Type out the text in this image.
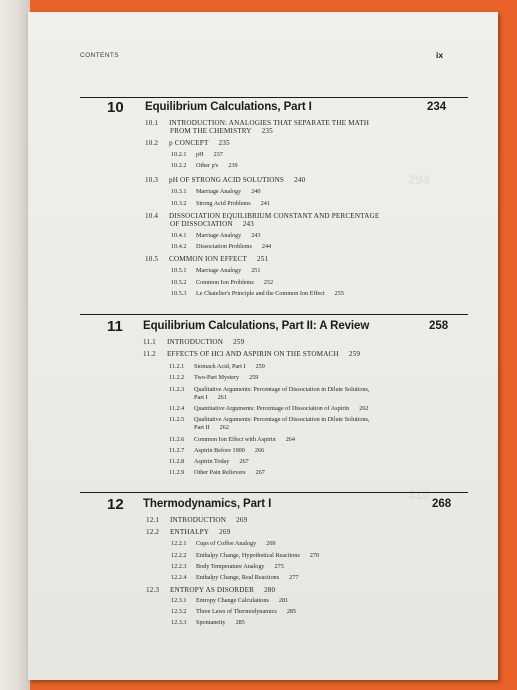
294
310
CONTENTS	ix
10 Equilibrium Calculations, Part I	234
10.1 INTRODUCTION: ANALOGIES THAT SEPARATE THE MATH
FROM THE CHEMISTRY 235
10.2 p CONCEPT 235
10.2.1 pH 237
10.2.2 Other p's 239
10.3 pH OF STRONG ACID SOLUTIONS 240
10.3.1 Marriage Analogy 240
10.3.2 Strong Acid Problems 241
10.4 DISSOCIATION EQUILIBRIUM CONSTANT AND PERCENTAGE
OF DISSOCIATION 243
10.4.1 Marriage Analogy 243
10.4.2 Dissociation Problems 244
10.5 COMMON ION EFFECT 251
10.5.1 Marriage Analogy 251
10.5.2 Common Ion Problems 252
10.5.3 Le Chatelier's Principle and the Common Ion Effect 255
11 Equilibrium Calculations, Part II: A Review	258
11.1 INTRODUCTION 259
11.2 EFFECTS OF HCl AND ASPIRIN ON THE STOMACH 259
11.2.1 Stomach Acid, Part I 259
11.2.2 Two-Part Mystery 259
11.2.3 Qualitative Arguments: Percentage of Dissociation in Dilute Solutions,
Part I 261
11.2.4 Quantitative Arguments: Percentage of Dissociation of Aspirin 262
11.2.5 Qualitative Arguments: Percentage of Dissociation in Dilute Solutions,
Part II 262
11.2.6 Common Ion Effect with Aspirin 264
11.2.7 Aspirin Before 1900 266
11.2.8 Aspirin Today 267
11.2.9 Other Pain Relievers 267
12 Thermodynamics, Part I	268
12.1 INTRODUCTION 269
12.2 ENTHALPY 269
12.2.1 Cups of Coffee Analogy 269
12.2.2 Enthalpy Change, Hypothetical Reactions 270
12.2.3 Body Temperature Analogy 275
12.2.4 Enthalpy Change, Real Reactions 277
12.3 ENTROPY AS DISORDER 280
12.3.1 Entropy Change Calculations 281
12.3.2 Three Laws of Thermodynamics 285
12.3.3 Spontaneity 285
